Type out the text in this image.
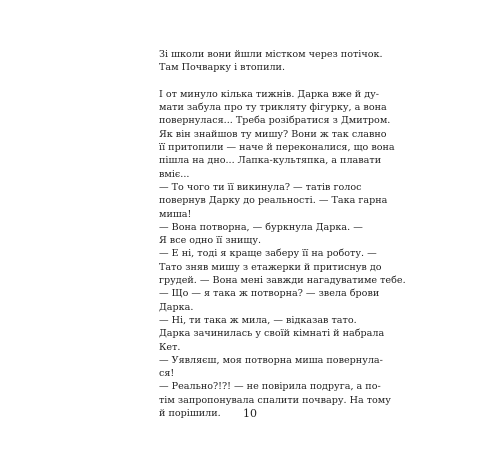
Зі школи вони йшли містком через потічок.
Там Почварку і втопили.
І от минуло кілька тижнів. Дарка вже й ду-
мати забула про ту трикляту фігурку, а вона
повернулася... Треба розібратися з Дмитром.
Як він знайшов ту мишу? Вони ж так славно
її притопили — наче й переконалися, що вона
пішла на дно... Лапка-культяпка, а плавати
вміє...
— То чого ти її викинула? — татів голос
повернув Дарку до реальності. — Така гарна
миша!
— Вона потворна, — буркнула Дарка. —
Я все одно її знищу.
— Е ні, тоді я краще заберу її на роботу. —
Тато зняв мишу з етажерки й притиснув до
грудей. — Вона мені завжди нагадуватиме тебе.
— Що — я така ж потворна? — звела брови
Дарка.
— Ні, ти така ж мила, — відказав тато.
Дарка зачинилась у своїй кімнаті й набрала
Кет.
— Уявляєш, моя потворна миша повернула-
ся!
— Реально?!?! — не повірила подруга, а по-
тім запропонувала спалити почвару. На тому
й порішили.	10
